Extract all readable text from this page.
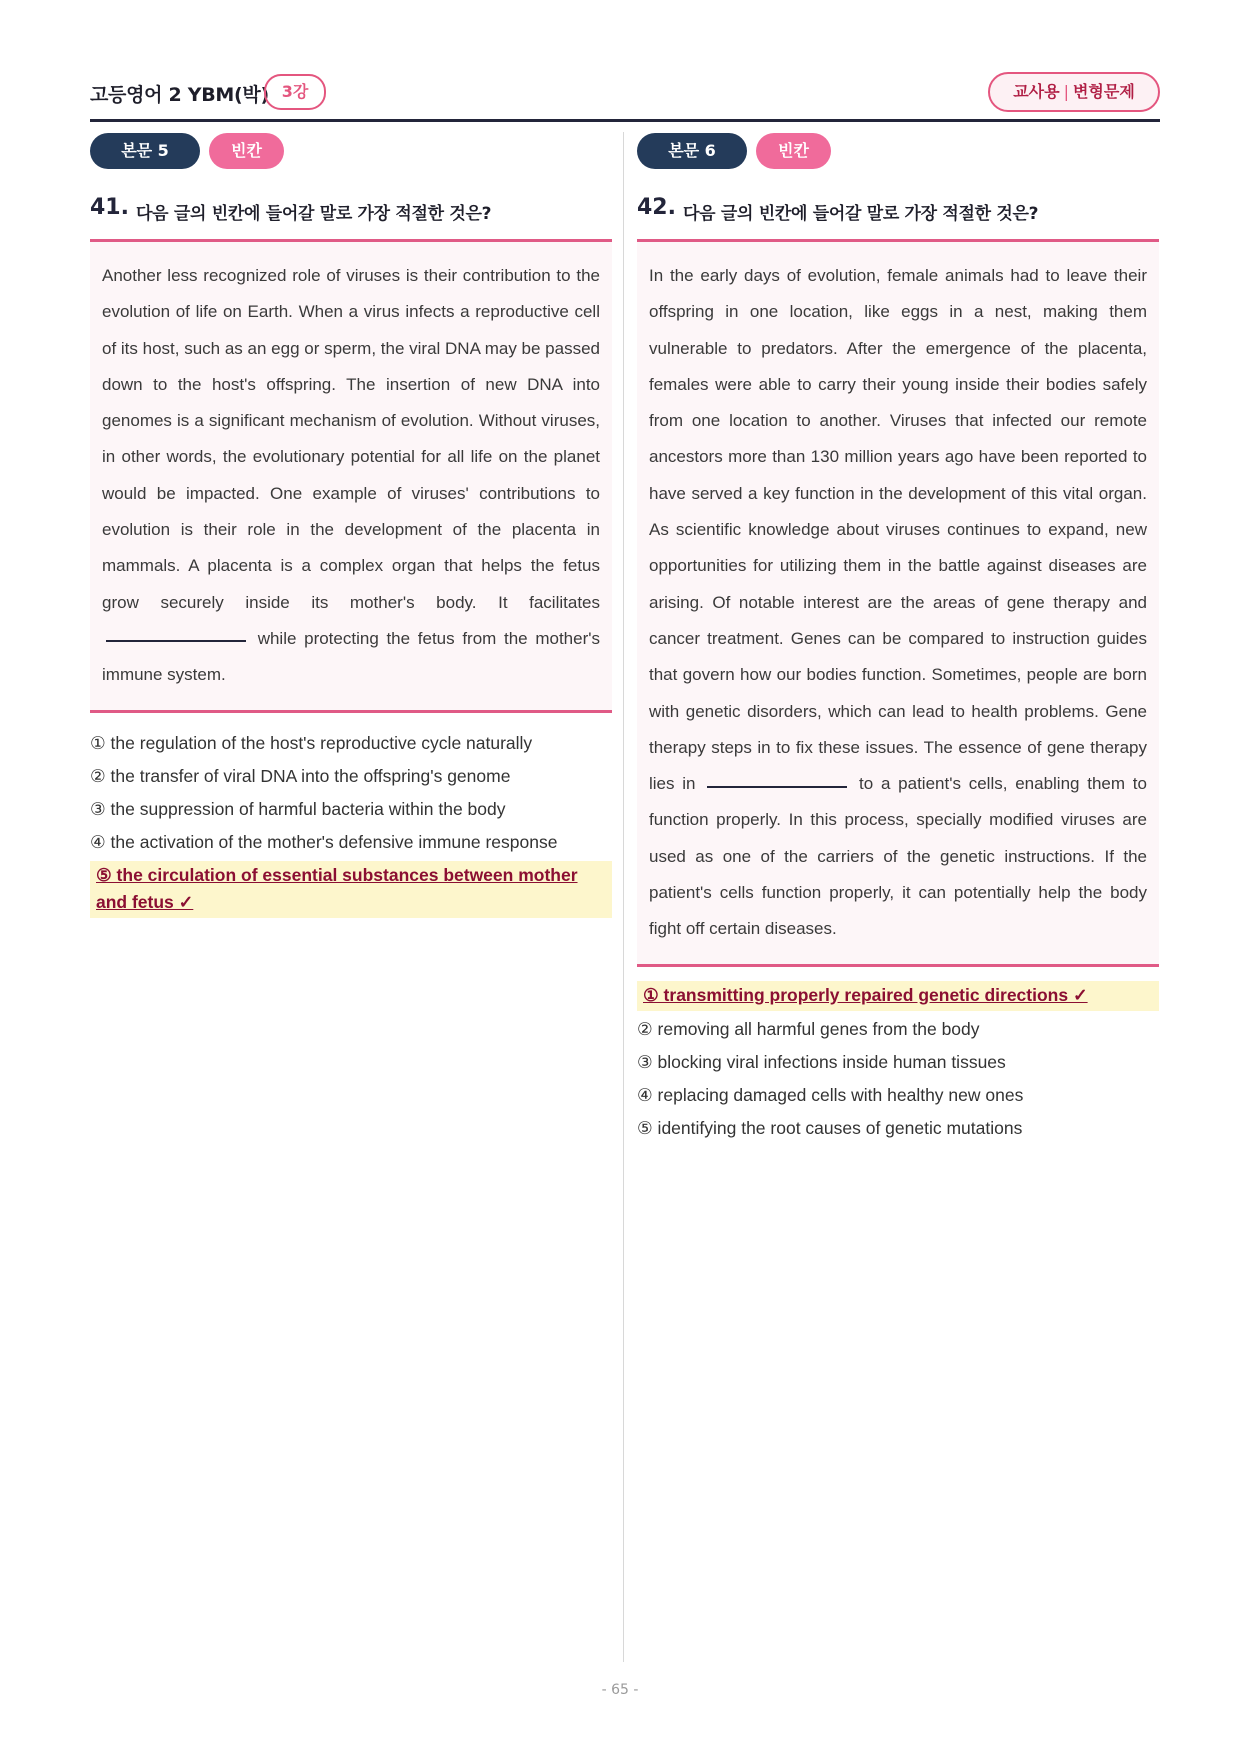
고등영어 2 YBM(박) 3강	교사용 | 변형문제
본문 5	빈칸
41. 다음 글의 빈칸에 들어갈 말로 가장 적절한 것은?

Another less recognized role of viruses is their contribution to the evolution of life on Earth. When a virus infects a reproductive cell of its host, such as an egg or sperm, the viral DNA may be passed down to the host's offspring. The insertion of new DNA into genomes is a significant mechanism of evolution. Without viruses, in other words, the evolutionary potential for all life on the planet would be impacted. One example of viruses' contributions to evolution is their role in the development of the placenta in mammals. A placenta is a complex organ that helps the fetus grow securely inside its mother's body. It facilitates  while protecting the fetus from the mother's immune system.

① the regulation of the host's reproductive cycle naturally
② the transfer of viral DNA into the offspring's genome
③ the suppression of harmful bacteria within the body
④ the activation of the mother's defensive immune response
⑤ the circulation of essential substances between mother and fetus ✓
본문 6	빈칸
42. 다음 글의 빈칸에 들어갈 말로 가장 적절한 것은?

In the early days of evolution, female animals had to leave their offspring in one location, like eggs in a nest, making them vulnerable to predators. After the emergence of the placenta, females were able to carry their young inside their bodies safely from one location to another. Viruses that infected our remote ancestors more than 130 million years ago have been reported to have served a key function in the development of this vital organ. As scientific knowledge about viruses continues to expand, new opportunities for utilizing them in the battle against diseases are arising. Of notable interest are the areas of gene therapy and cancer treatment. Genes can be compared to instruction guides that govern how our bodies function. Sometimes, people are born with genetic disorders, which can lead to health problems. Gene therapy steps in to fix these issues. The essence of gene therapy lies in	to a patient's cells, enabling them to function properly. In this process, specially modified viruses are used as one of the carriers of the genetic instructions. If the patient's cells function properly, it can potentially help the body fight off certain diseases.

① transmitting properly repaired genetic directions ✓
② removing all harmful genes from the body
③ blocking viral infections inside human tissues
④ replacing damaged cells with healthy new ones
⑤ identifying the root causes of genetic mutations
- 65 -
